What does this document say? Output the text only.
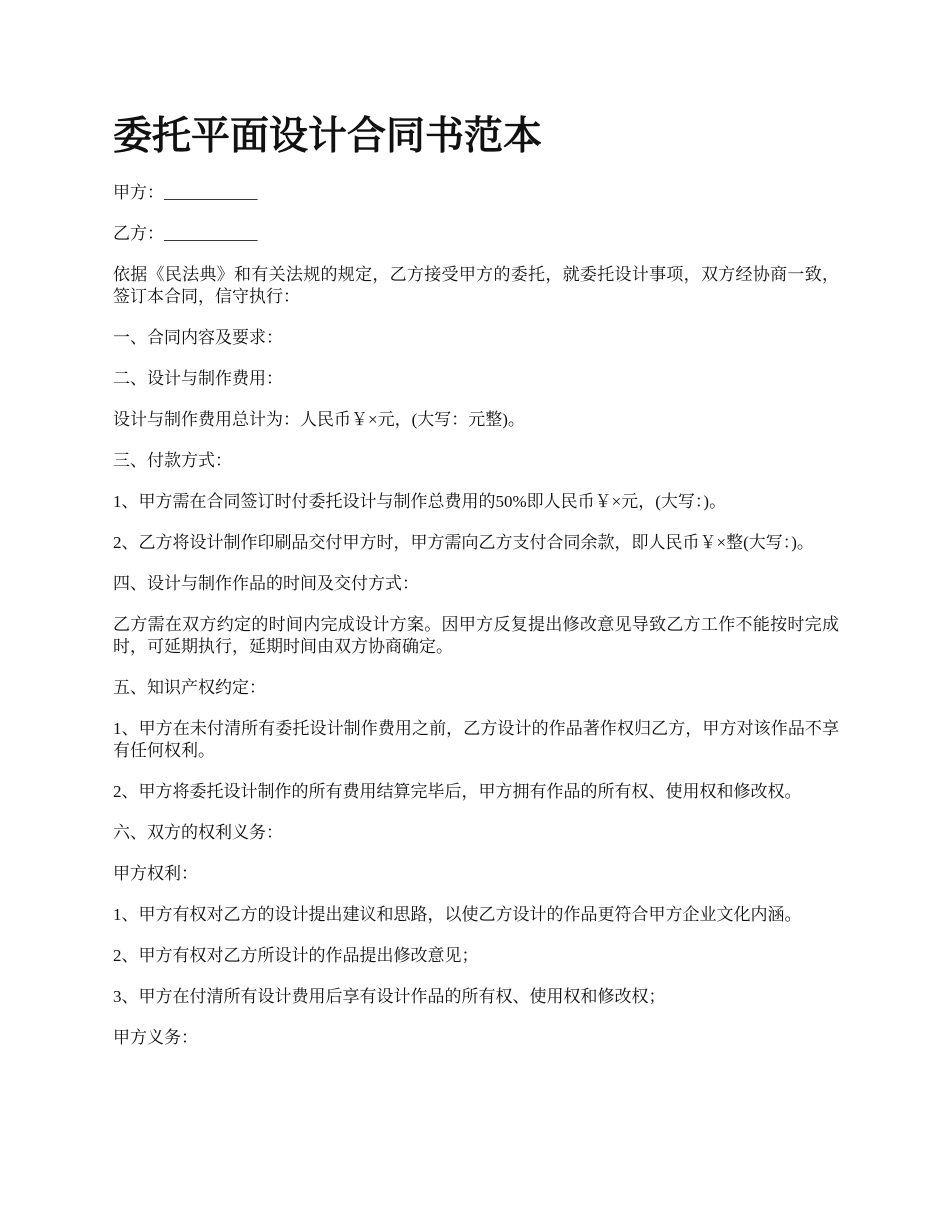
委托平面设计合同书范本

甲方：___________

乙方：___________

依据《民法典》和有关法规的规定，乙方接受甲方的委托，就委托设计事项，双方经协商一致，签订本合同，信守执行：

一、合同内容及要求：

二、设计与制作费用：

设计与制作费用总计为：人民币￥×元，(大写：元整)。

三、付款方式：

1、甲方需在合同签订时付委托设计与制作总费用的50%即人民币￥×元，(大写：)。

2、乙方将设计制作印刷品交付甲方时，甲方需向乙方支付合同余款，即人民币￥×整(大写：)。

四、设计与制作作品的时间及交付方式：

乙方需在双方约定的时间内完成设计方案。因甲方反复提出修改意见导致乙方工作不能按时完成时，可延期执行，延期时间由双方协商确定。

五、知识产权约定：

1、甲方在未付清所有委托设计制作费用之前，乙方设计的作品著作权归乙方，甲方对该作品不享有任何权利。

2、甲方将委托设计制作的所有费用结算完毕后，甲方拥有作品的所有权、使用权和修改权。

六、双方的权利义务：

甲方权利：

1、甲方有权对乙方的设计提出建议和思路，以使乙方设计的作品更符合甲方企业文化内涵。

2、甲方有权对乙方所设计的作品提出修改意见；

3、甲方在付清所有设计费用后享有设计作品的所有权、使用权和修改权；

甲方义务：
